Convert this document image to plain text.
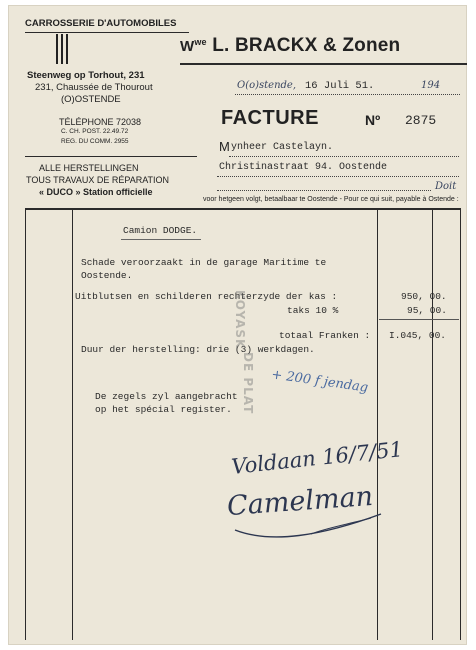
CARROSSERIE D'AUTOMOBILES
Steenweg op Torhout, 231
231, Chaussée de Thourout
(O)OSTENDE
TÉLÉPHONE 72038
C. CH. POST. 22.49.72
REG. DU COMM. 2955
ALLE HERSTELLINGEN
TOUS TRAVAUX DE RÉPARATION
« DUCO » Station officielle
$W^{we}$ L. BRACKX & Zonen
O(o)stende, 16 Juli 51.	194
FACTURE	Nº 2875
M ynheer Castelayn.
Christinastraat 94. Oostende
Doit
voor hetgeen volgt, betaalbaar te Oostende - Pour ce qui suit, payable à Ostende :
Camion DODGE.
Schade veroorzaakt in de garage Maritime te
Oostende.
Uitblutsen en schilderen rechterzyde der kas :	950, 00.
taks 10 %	95, 00.
totaal Franken : I.045, 00.
Duur der herstelling: drie (3) werkdagen.
De zegels zyl aangebracht
op het spécial register.
KOYASK
DE PLAT + 200 f jendag
Voldaan 16/7/51
Camelman
